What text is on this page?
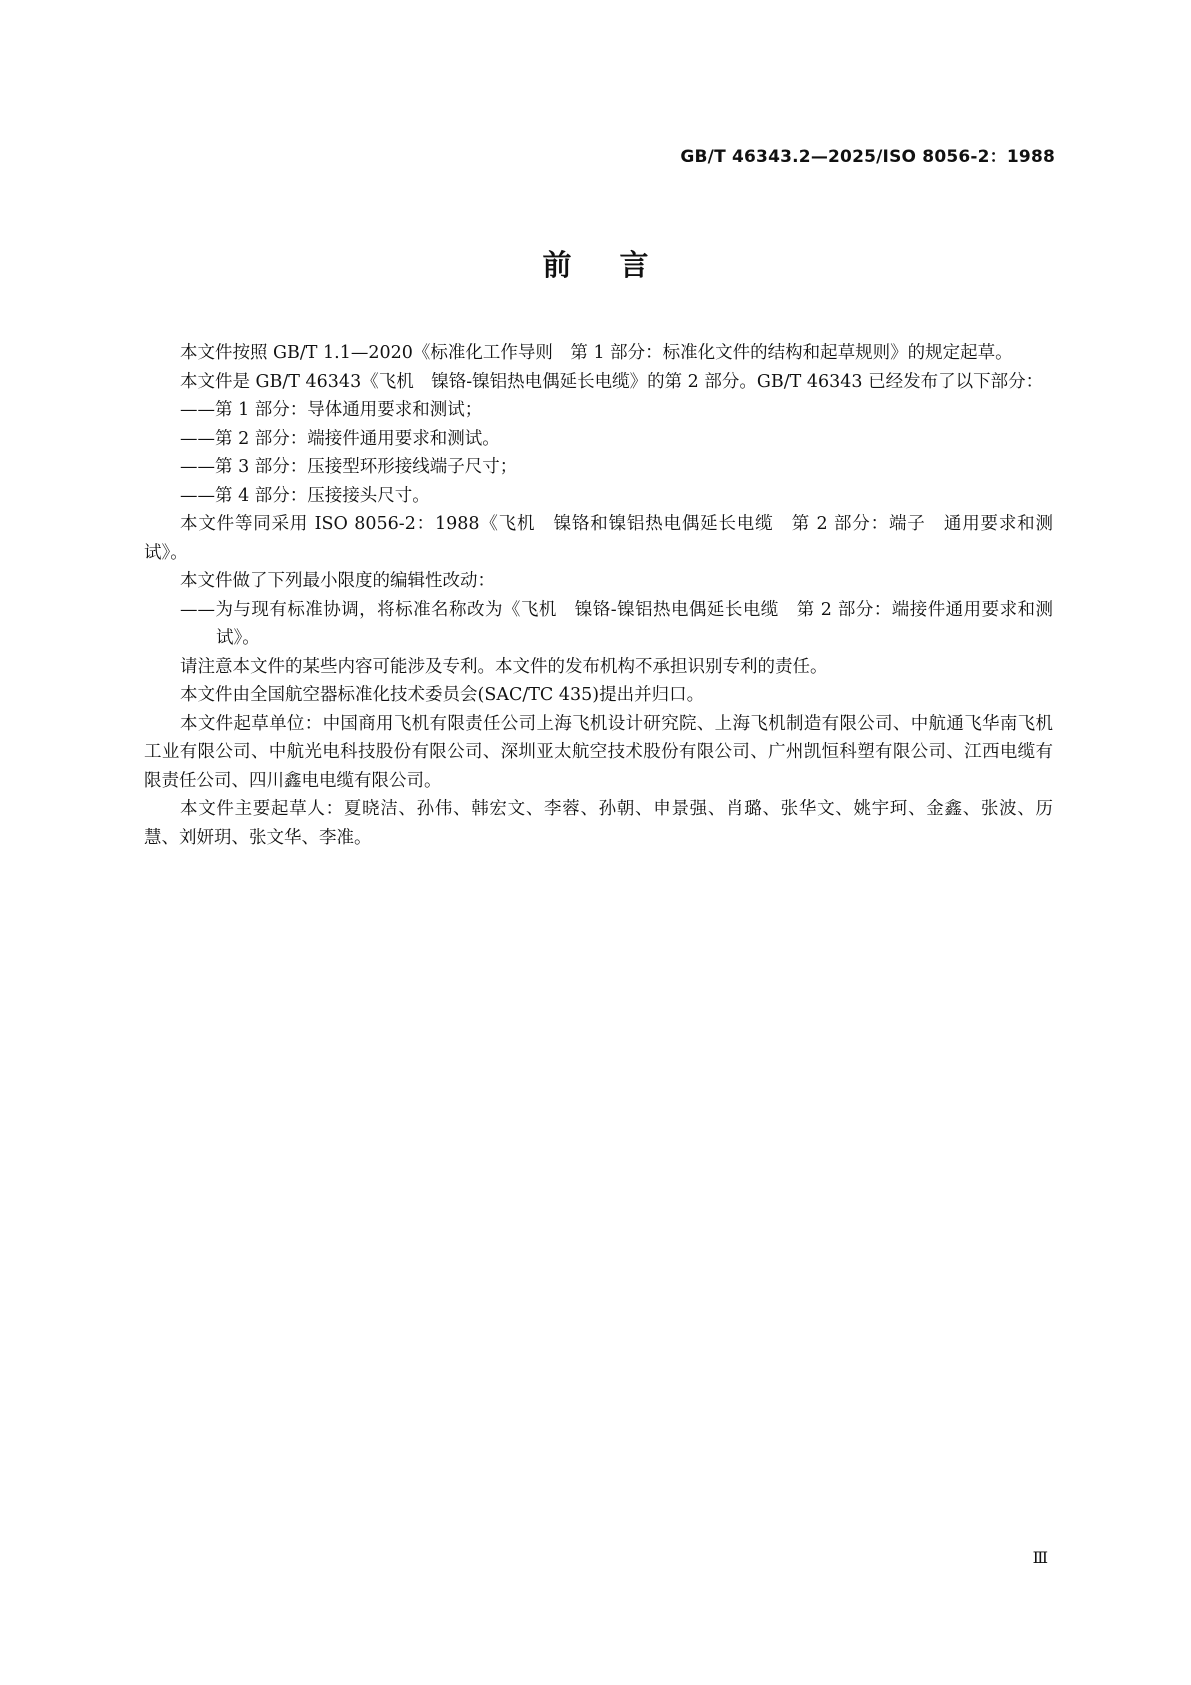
GB/T 46343.2—2025/ISO 8056-2：1988
前言

本文件按照 GB/T 1.1—2020《标准化工作导则　第 1 部分：标准化文件的结构和起草规则》的规定起草。

本文件是 GB/T 46343《飞机　镍铬-镍铝热电偶延长电缆》的第 2 部分。GB/T 46343 已经发布了以下部分：

——第 1 部分：导体通用要求和测试；

——第 2 部分：端接件通用要求和测试。

——第 3 部分：压接型环形接线端子尺寸；

——第 4 部分：压接接头尺寸。

本文件等同采用 ISO 8056-2：1988《飞机　镍铬和镍铝热电偶延长电缆　第 2 部分：端子　通用要求和测试》。

本文件做了下列最小限度的编辑性改动：

——为与现有标准协调，将标准名称改为《飞机　镍铬-镍铝热电偶延长电缆　第 2 部分：端接件通用要求和测试》。

请注意本文件的某些内容可能涉及专利。本文件的发布机构不承担识别专利的责任。

本文件由全国航空器标准化技术委员会(SAC/TC 435)提出并归口。

本文件起草单位：中国商用飞机有限责任公司上海飞机设计研究院、上海飞机制造有限公司、中航通飞华南飞机工业有限公司、中航光电科技股份有限公司、深圳亚太航空技术股份有限公司、广州凯恒科塑有限公司、江西电缆有限责任公司、四川鑫电电缆有限公司。

本文件主要起草人：夏晓洁、孙伟、韩宏文、李蓉、孙朝、申景强、肖璐、张华文、姚宇珂、金鑫、张波、历慧、刘妍玥、张文华、李准。

Ⅲ
